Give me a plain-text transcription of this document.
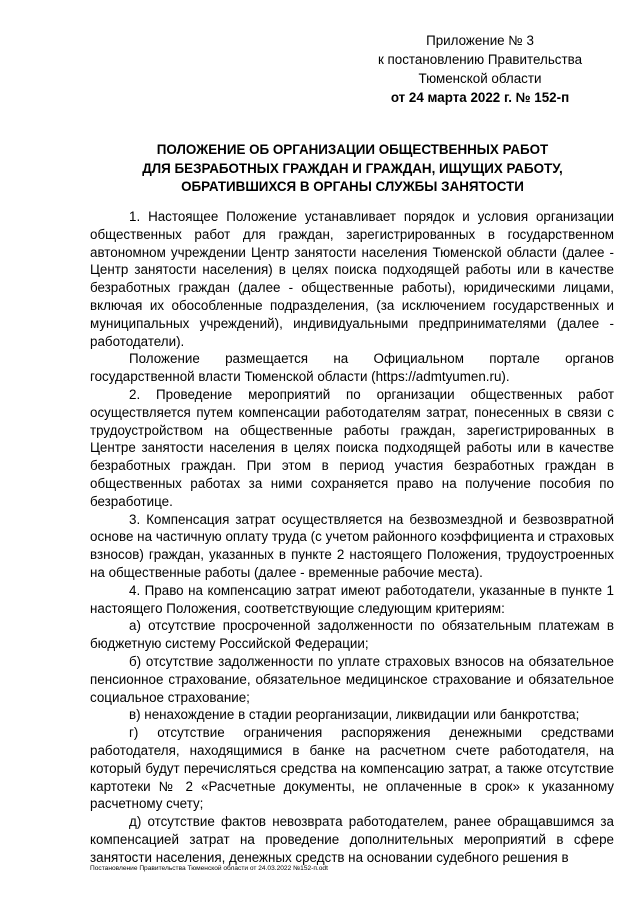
Приложение № 3
к постановлению Правительства
Тюменской области
от 24 марта 2022 г. № 152-п
ПОЛОЖЕНИЕ ОБ ОРГАНИЗАЦИИ ОБЩЕСТВЕННЫХ РАБОТ
ДЛЯ БЕЗРАБОТНЫХ ГРАЖДАН И ГРАЖДАН, ИЩУЩИХ РАБОТУ,
ОБРАТИВШИХСЯ В ОРГАНЫ СЛУЖБЫ ЗАНЯТОСТИ

1. Настоящее Положение устанавливает порядок и условия организации общественных работ для граждан, зарегистрированных в государственном автономном учреждении Центр занятости населения Тюменской области (далее - Центр занятости населения) в целях поиска подходящей работы или в качестве безработных граждан (далее - общественные работы), юридическими лицами, включая их обособленные подразделения, (за исключением государственных и муниципальных учреждений), индивидуальными предпринимателями (далее - работодатели).

Положение размещается на Официальном портале органов государственной власти Тюменской области (https://admtyumen.ru).

2. Проведение мероприятий по организации общественных работ осуществляется путем компенсации работодателям затрат, понесенных в связи с трудоустройством на общественные работы граждан, зарегистрированных в Центре занятости населения в целях поиска подходящей работы или в качестве безработных граждан. При этом в период участия безработных граждан в общественных работах за ними сохраняется право на получение пособия по безработице.

3. Компенсация затрат осуществляется на безвозмездной и безвозвратной основе на частичную оплату труда (с учетом районного коэффициента и страховых взносов) граждан, указанных в пункте 2 настоящего Положения, трудоустроенных на общественные работы (далее - временные рабочие места).

4. Право на компенсацию затрат имеют работодатели, указанные в пункте 1 настоящего Положения, соответствующие следующим критериям:

а) отсутствие просроченной задолженности по обязательным платежам в бюджетную систему Российской Федерации;

б) отсутствие задолженности по уплате страховых взносов на обязательное пенсионное страхование, обязательное медицинское страхование и обязательное социальное страхование;

в) ненахождение в стадии реорганизации, ликвидации или банкротства;

г) отсутствие ограничения распоряжения денежными средствами работодателя, находящимися в банке на расчетном счете работодателя, на который будут перечисляться средства на компенсацию затрат, а также отсутствие картотеки № 2 «Расчетные документы, не оплаченные в срок» к указанному расчетному счету;

д) отсутствие фактов невозврата работодателем, ранее обращавшимся за компенсацией затрат на проведение дополнительных мероприятий в сфере занятости населения, денежных средств на основании судебного решения в

Постановление Правительства Тюменской области от 24.03.2022 №152-п.odt
